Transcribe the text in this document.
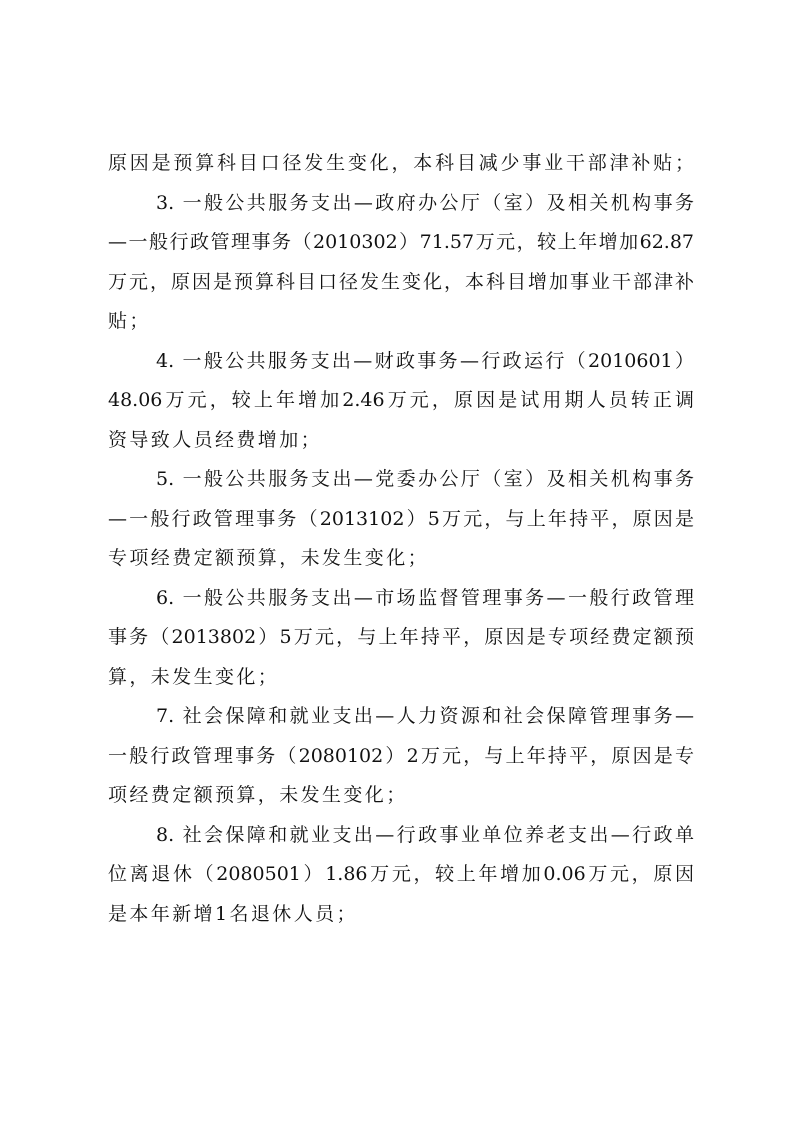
原因是预算科目口径发生变化，本科目减少事业干部津补贴；
3. 一般公共服务支出—政府办公厅（室）及相关机构事务
—一般行政管理事务（2010302）71.57万元，较上年增加62.87
万元，原因是预算科目口径发生变化，本科目增加事业干部津补
贴；
4. 一般公共服务支出—财政事务—行政运行（2010601）
48.06万元，较上年增加2.46万元，原因是试用期人员转正调
资导致人员经费增加；
5. 一般公共服务支出—党委办公厅（室）及相关机构事务
—一般行政管理事务（2013102）5万元，与上年持平，原因是
专项经费定额预算，未发生变化；
6. 一般公共服务支出—市场监督管理事务—一般行政管理
事务（2013802）5万元，与上年持平，原因是专项经费定额预
算，未发生变化；
7. 社会保障和就业支出—人力资源和社会保障管理事务—
一般行政管理事务（2080102）2万元，与上年持平，原因是专
项经费定额预算，未发生变化；
8. 社会保障和就业支出—行政事业单位养老支出—行政单
位离退休（2080501）1.86万元，较上年增加0.06万元，原因
是本年新增1名退休人员；
